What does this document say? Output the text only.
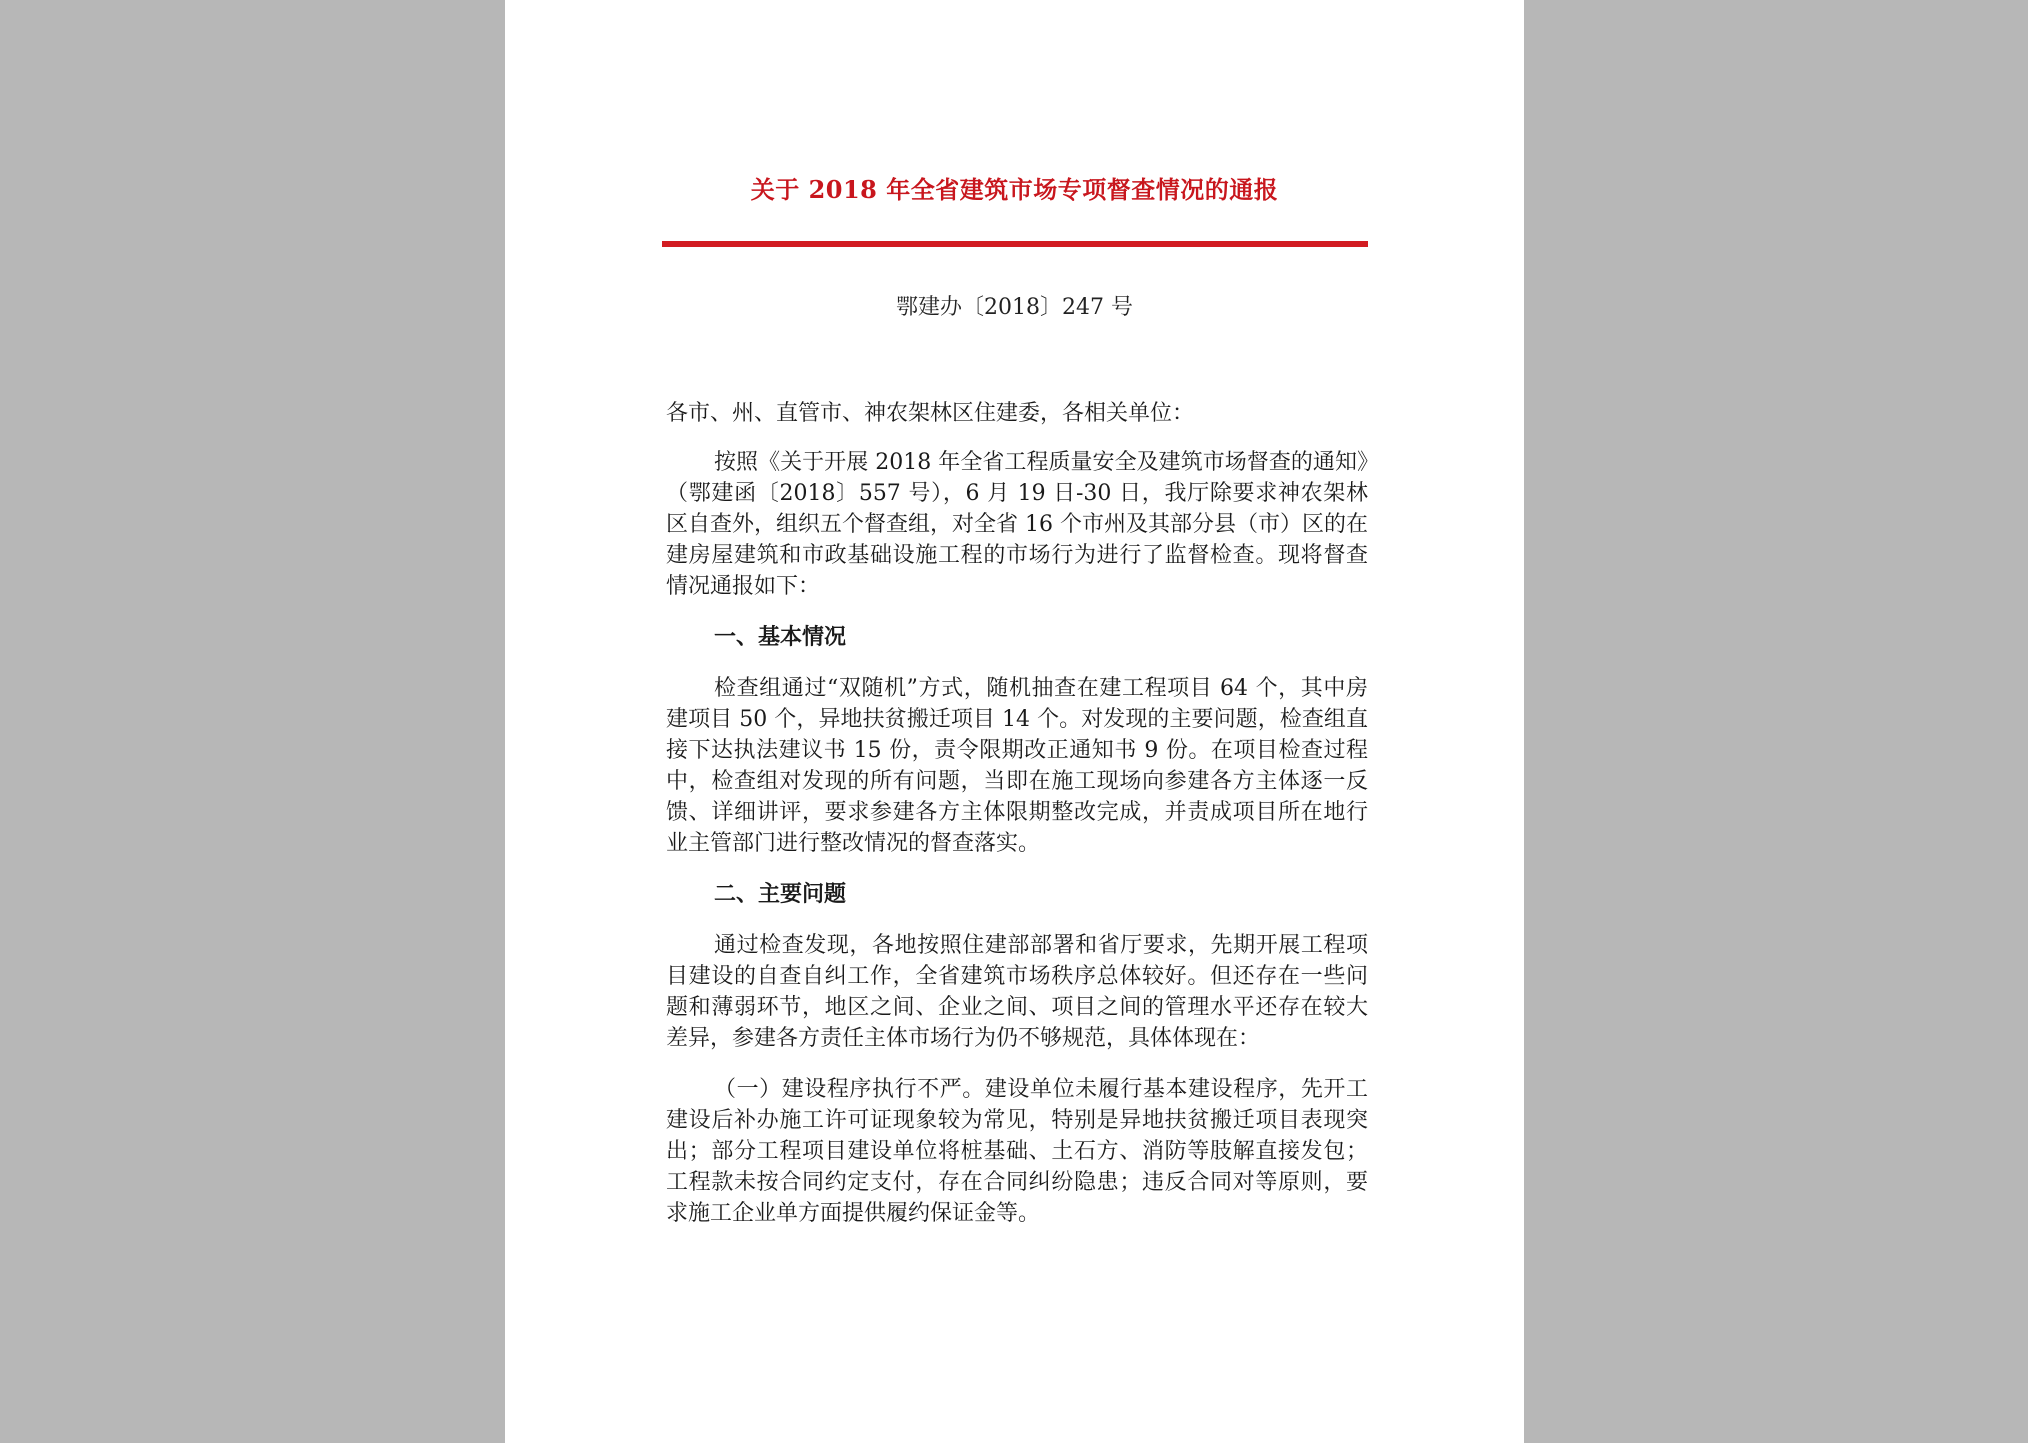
关于 2018 年全省建筑市场专项督查情况的通报
鄂建办〔2018〕247 号

各市、州、直管市、神农架林区住建委，各相关单位：

按照《关于开展 2018 年全省工程质量安全及建筑市场督查的通知》（鄂建函〔2018〕557 号），6 月 19 日-30 日，我厅除要求神农架林区自查外，组织五个督查组，对全省 16 个市州及其部分县（市）区的在建房屋建筑和市政基础设施工程的市场行为进行了监督检查。现将督查情况通报如下：

一、基本情况

检查组通过“双随机”方式，随机抽查在建工程项目 64 个，其中房建项目 50 个，异地扶贫搬迁项目 14 个。对发现的主要问题，检查组直接下达执法建议书 15 份，责令限期改正通知书 9 份。在项目检查过程中，检查组对发现的所有问题，当即在施工现场向参建各方主体逐一反馈、详细讲评，要求参建各方主体限期整改完成，并责成项目所在地行业主管部门进行整改情况的督查落实。

二、主要问题

通过检查发现，各地按照住建部部署和省厅要求，先期开展工程项目建设的自查自纠工作，全省建筑市场秩序总体较好。但还存在一些问题和薄弱环节，地区之间、企业之间、项目之间的管理水平还存在较大差异，参建各方责任主体市场行为仍不够规范，具体体现在：

（一）建设程序执行不严。建设单位未履行基本建设程序，先开工建设后补办施工许可证现象较为常见，特别是异地扶贫搬迁项目表现突出；部分工程项目建设单位将桩基础、土石方、消防等肢解直接发包；工程款未按合同约定支付，存在合同纠纷隐患；违反合同对等原则，要求施工企业单方面提供履约保证金等。
